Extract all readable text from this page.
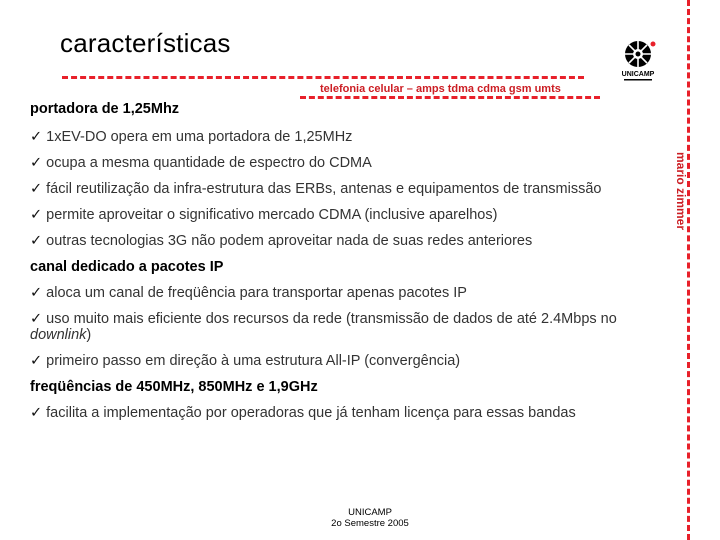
características
telefonia celular – amps tdma cdma gsm umts
mario zimmer
UNICAMP

portadora de 1,25Mhz

✓ 1xEV-DO opera em uma portadora de 1,25MHz

✓ ocupa a mesma quantidade de espectro do CDMA

✓ fácil reutilização da infra-estrutura das ERBs, antenas e equipamentos de transmissão

✓ permite aproveitar o significativo mercado CDMA (inclusive aparelhos)

✓ outras tecnologias 3G não podem aproveitar nada de suas redes anteriores

canal dedicado a pacotes IP

✓ aloca um canal de freqüência para transportar apenas pacotes IP

✓ uso muito mais eficiente dos recursos da rede (transmissão de dados de até 2.4Mbps no downlink)

✓ primeiro passo em direção à uma estrutura All-IP (convergência)

freqüências de 450MHz, 850MHz e 1,9GHz

✓ facilita a implementação por operadoras que já tenham licença para essas bandas

UNICAMP
2o Semestre 2005
